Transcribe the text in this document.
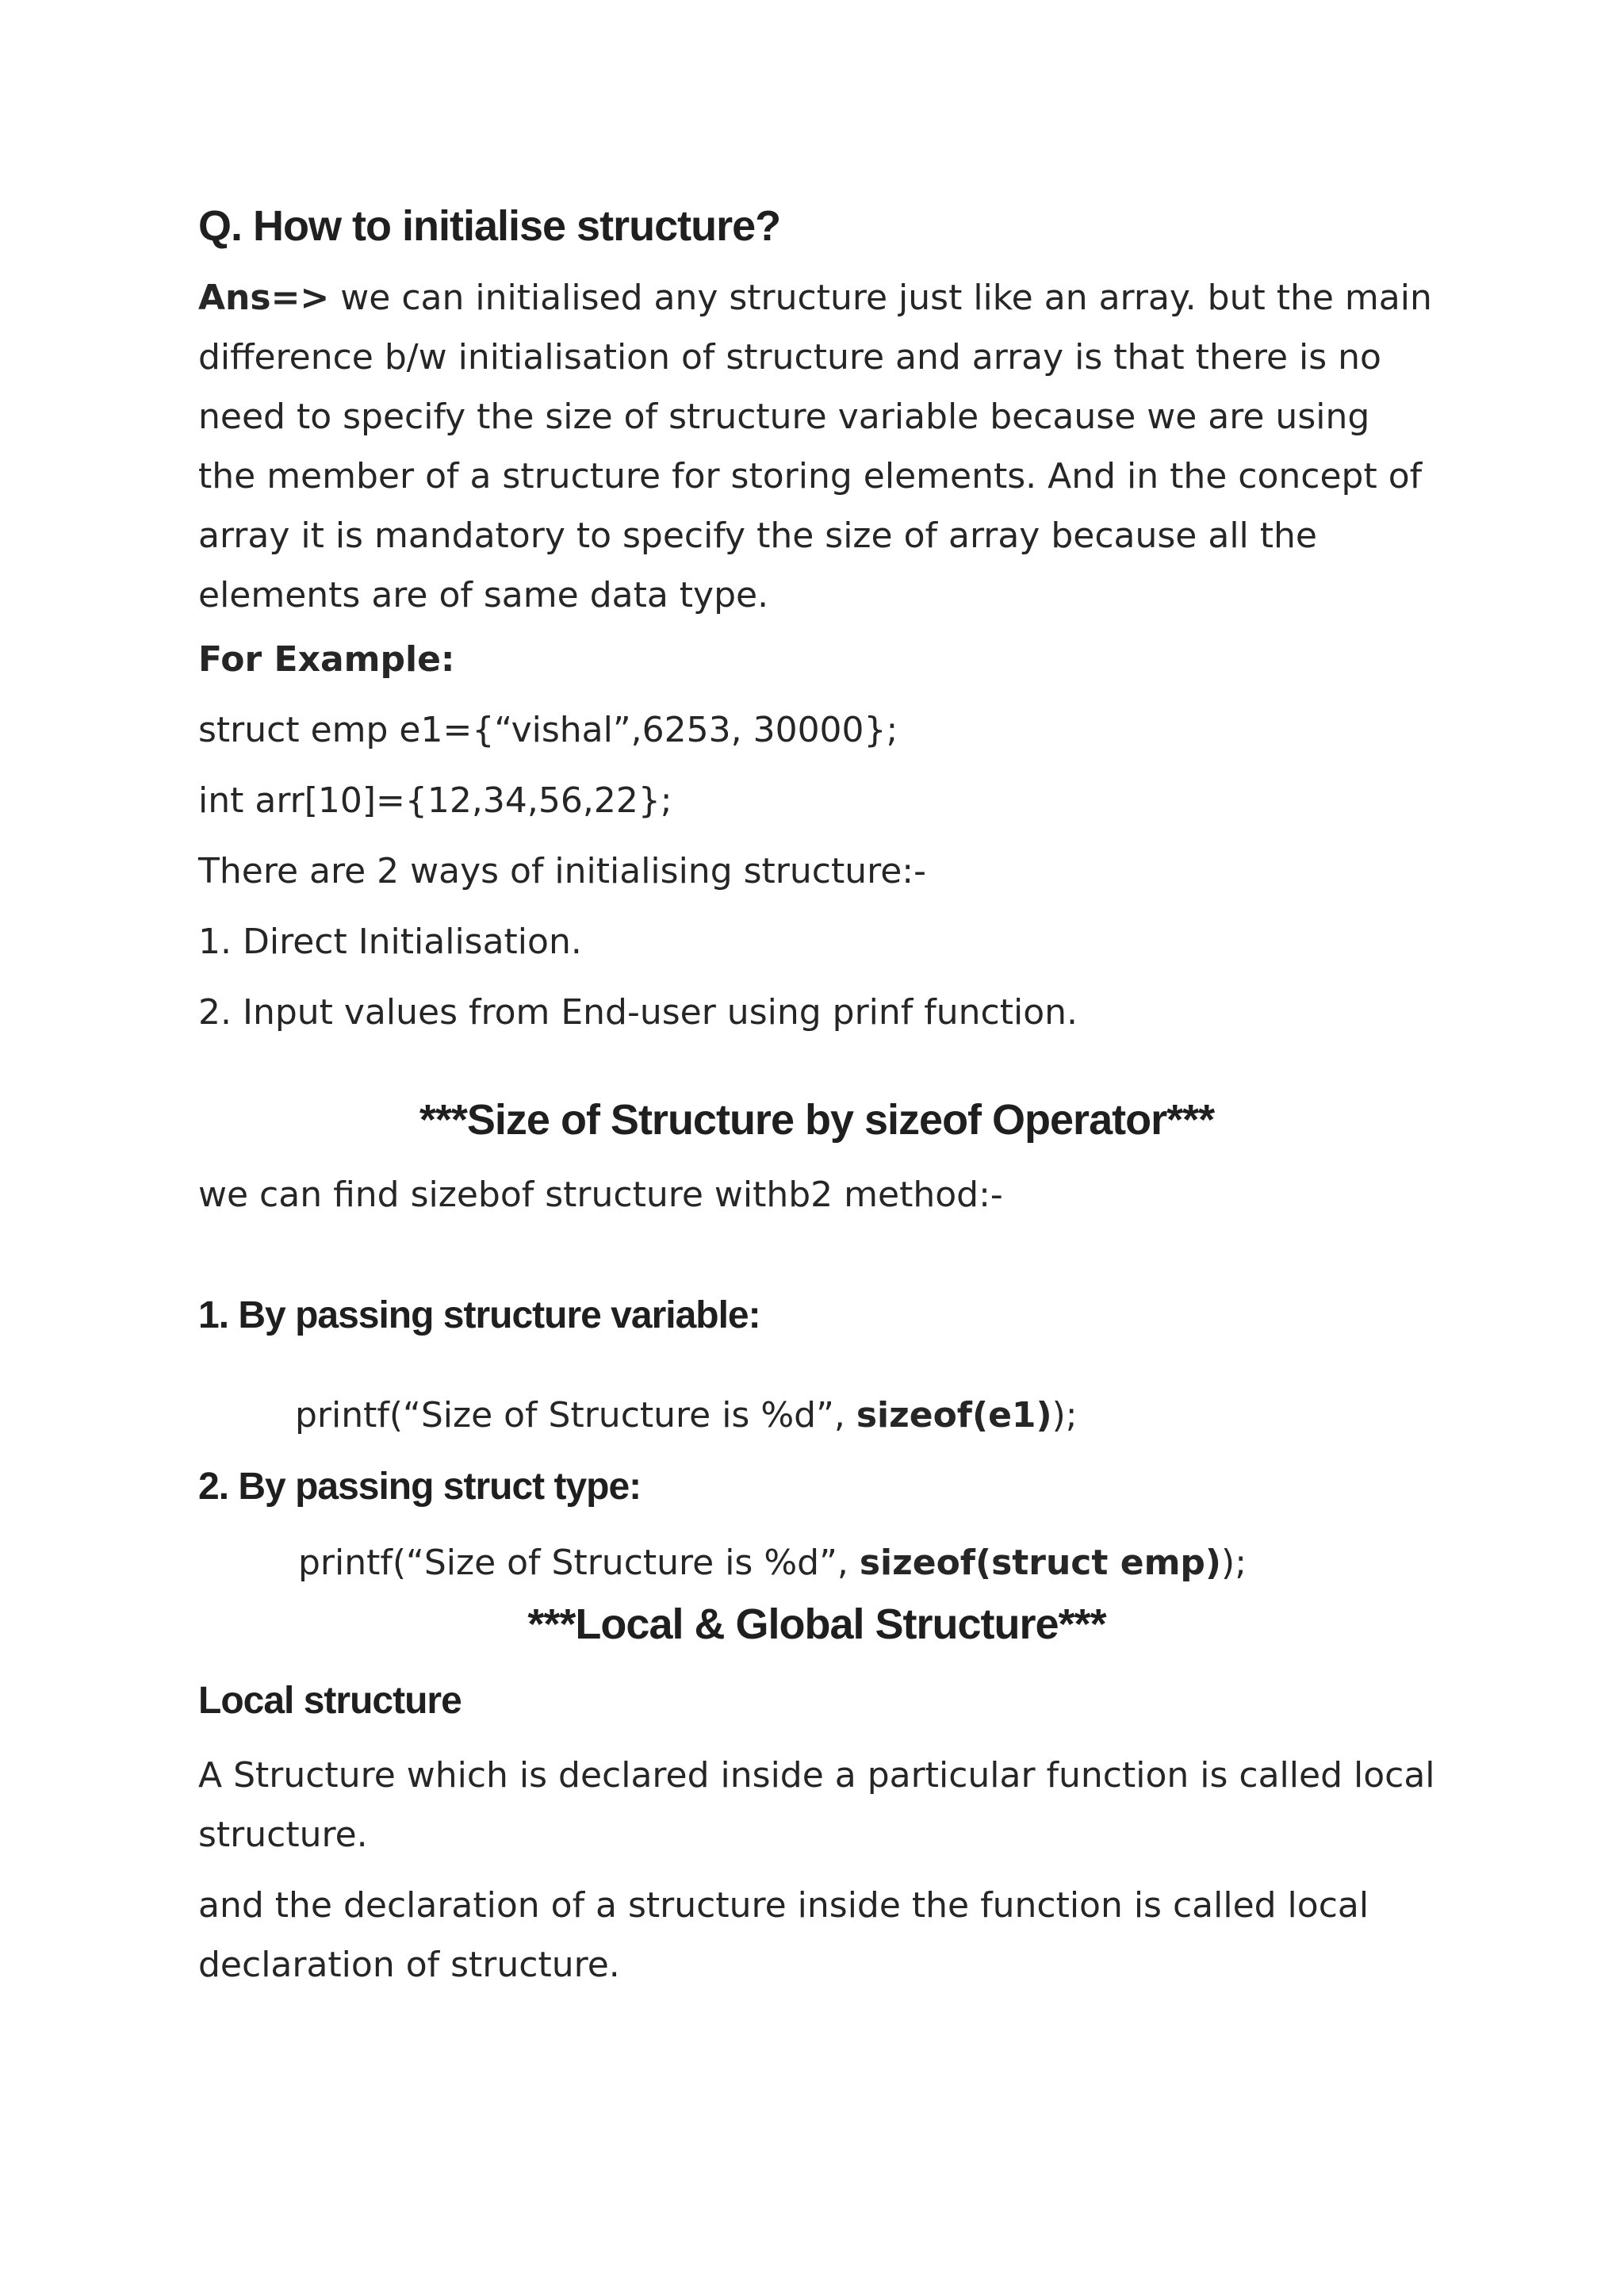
Q. How to initialise structure?

Ans=> we can initialised any structure just like an array. but the main difference b/w initialisation of structure and array is that there is no need to specify the size of structure variable because we are using the member of a structure for storing elements. And in the concept of array it is mandatory to specify the size of array because all the elements are of same data type.

For Example:

struct emp e1={“vishal”,6253, 30000};

int arr[10]={12,34,56,22};

There are 2 ways of initialising structure:-

1. Direct Initialisation.

2. Input values from End-user using prinf function.

***Size of Structure by sizeof Operator***

we can find sizebof structure withb2 method:-

1. By passing structure variable:

printf(“Size of Structure is %d”, sizeof(e1));

2. By passing struct type:

printf(“Size of Structure is %d”, sizeof(struct emp));

***Local & Global Structure***
Local structure

A Structure which is declared inside a particular function is called local structure.

and the declaration of a structure inside the function is called local declaration of structure.
